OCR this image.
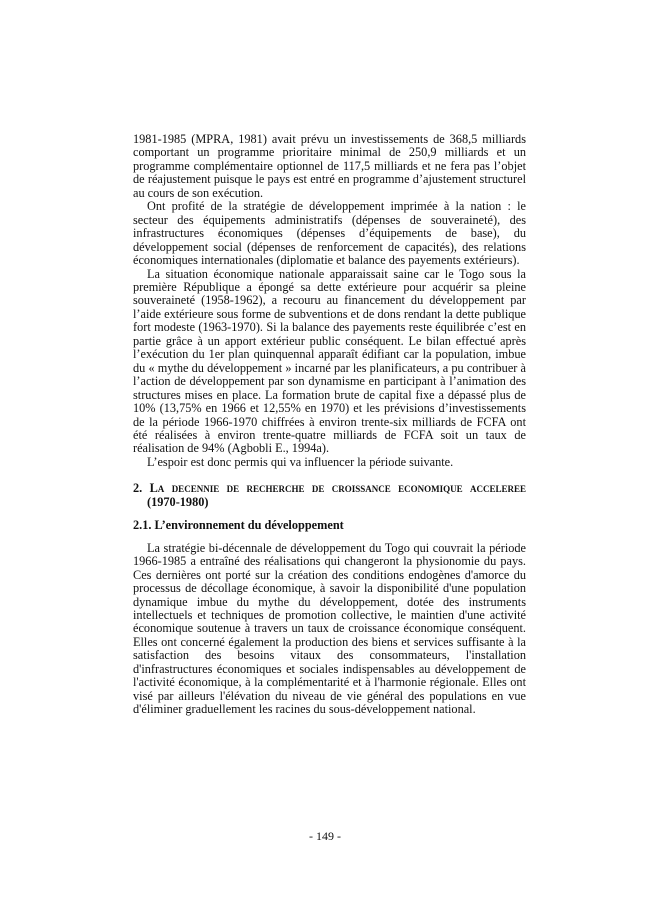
1981-1985 (MPRA, 1981) avait prévu un investissements de 368,5 milliards comportant un programme prioritaire minimal de 250,9 milliards et un programme complémentaire optionnel de 117,5 milliards et ne fera pas l’objet de réajustement puisque le pays est entré en programme d’ajustement structurel au cours de son exécution.

Ont profité de la stratégie de développement imprimée à la nation : le secteur des équipements administratifs (dépenses de souveraineté), des infrastructures économiques (dépenses d’équipements de base), du développement social (dépenses de renforcement de capacités), des relations économiques internationales (diplomatie et balance des payements extérieurs).

La situation économique nationale apparaissait saine car le Togo sous la première République a épongé sa dette extérieure pour acquérir sa pleine souveraineté (1958-1962), a recouru au financement du développement par l’aide extérieure sous forme de subventions et de dons rendant la dette publique fort modeste (1963-1970). Si la balance des payements reste équilibrée c’est en partie grâce à un apport extérieur public conséquent. Le bilan effectué après l’exécution du 1er plan quinquennal apparaît édifiant car la population, imbue du « mythe du développement » incarné par les planificateurs, a pu contribuer à l’action de développement par son dynamisme en participant à l’animation des structures mises en place. La formation brute de capital fixe a dépassé plus de 10% (13,75% en 1966 et 12,55% en 1970) et les prévisions d’investissements de la période 1966-1970 chiffrées à environ trente-six milliards de FCFA ont été réalisées à environ trente-quatre milliards de FCFA soit un taux de réalisation de 94% (Agbobli E., 1994a).

L’espoir est donc permis qui va influencer la période suivante.

2. La decennie de recherche de croissance economique acceleree (1970-1980)
2.1. L’environnement du développement

La stratégie bi-décennale de développement du Togo qui couvrait la période 1966-1985 a entraîné des réalisations qui changeront la physionomie du pays. Ces dernières ont porté sur la création des conditions endogènes d'amorce du processus de décollage économique, à savoir la disponibilité d'une population dynamique imbue du mythe du développement, dotée des instruments intellectuels et techniques de promotion collective, le maintien d'une activité économique soutenue à travers un taux de croissance économique conséquent. Elles ont concerné également la production des biens et services suffisante à la satisfaction des besoins vitaux des consommateurs, l'installation d'infrastructures économiques et sociales indispensables au développement de l'activité économique, à la complémentarité et à l'harmonie régionale. Elles ont visé par ailleurs l'élévation du niveau de vie général des populations en vue d'éliminer graduellement les racines du sous-développement national.

- 149 -
